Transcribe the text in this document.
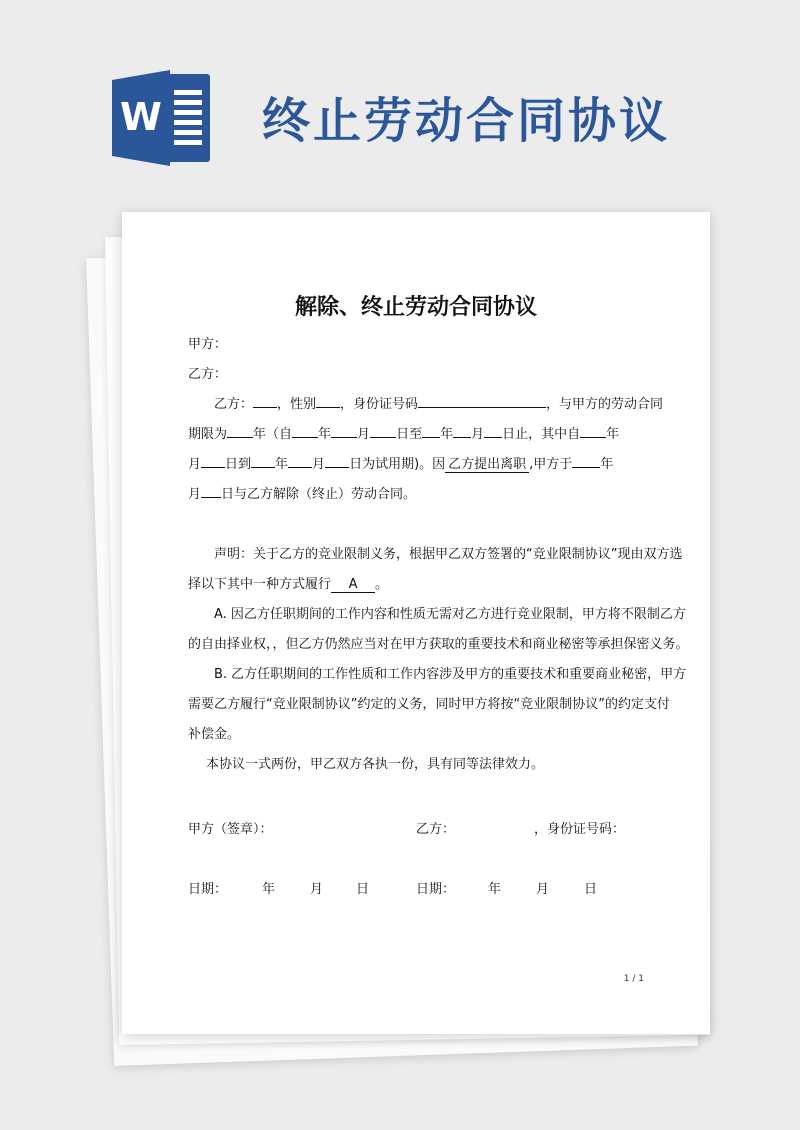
W 终止劳动合同协议
解除、终止劳动合同协议
甲方：
乙方：
乙方： ，性别 ，身份证号码	，与甲方的劳动合同
期限为 年（自 年 月 日至 年 月 日止，其中自 年
月 日到 年 月 日为试用期)。因 乙方提出离职 ,甲方于 年
月 日与乙方解除（终止）劳动合同。
声明：关于乙方的竞业限制义务，根据甲乙双方签署的“竞业限制协议”现由双方选
择以下其中一种方式履行 A 。
A. 因乙方任职期间的工作内容和性质无需对乙方进行竞业限制，甲方将不限制乙方
的自由择业权，，但乙方仍然应当对在甲方获取的重要技术和商业秘密等承担保密义务。
B. 乙方任职期间的工作性质和工作内容涉及甲方的重要技术和重要商业秘密，甲方
需要乙方履行“竞业限制协议”约定的义务，同时甲方将按“竞业限制协议”的约定支付
补偿金。
本协议一式两份，甲乙双方各执一份，具有同等法律效力。
甲方（签章）：	乙方：	，身份证号码：
日期：	年	月	日	日期：	年	月	日
1 / 1
